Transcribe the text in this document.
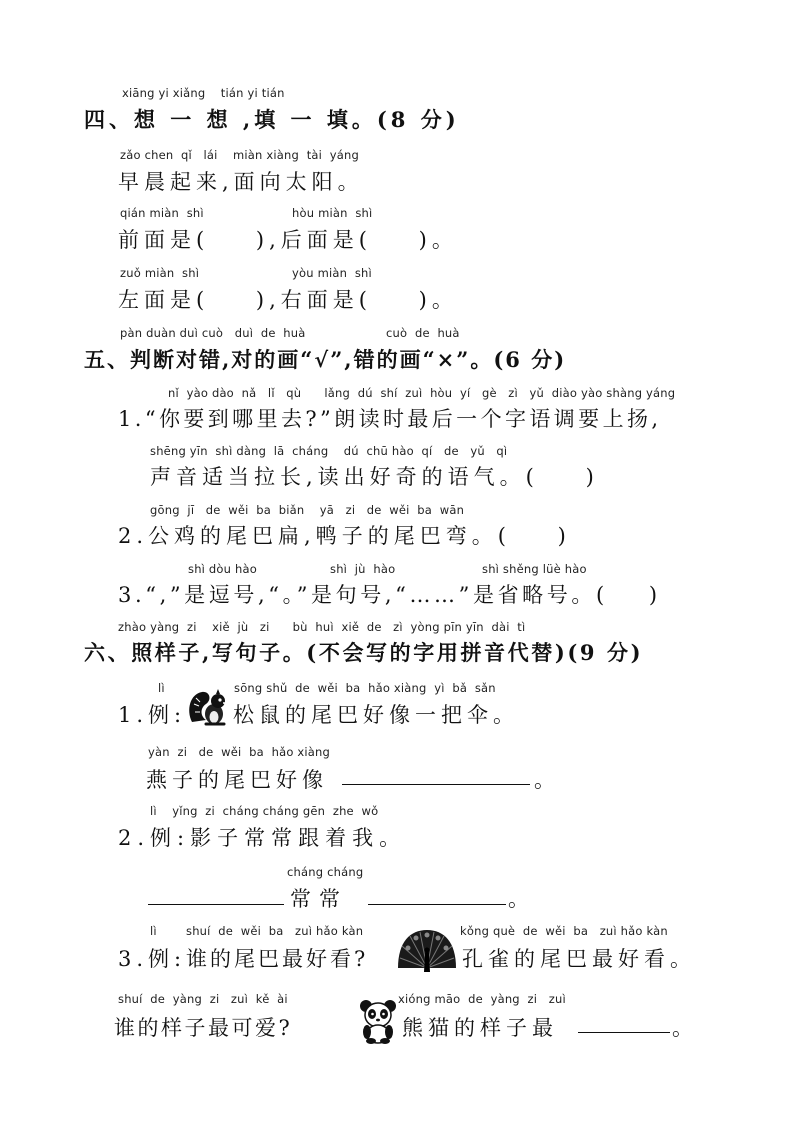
xiāng yi xiǎng    tián yi tián
四、想 一 想 ,填 一 填。(8 分)
zǎo chen  qǐ   lái    miàn xiàng  tài  yáng
早晨起来,面向太阳。
qián miàn  shì	hòu miàn  shì
前面是(    ),后面是(    )。
zuǒ miàn  shì	yòu miàn  shì
左面是(    ),右面是(    )。
pàn duàn duì cuò   duì  de  huà	cuò  de  huà
五、判断对错,对的画“√”,错的画“×”。(6 分)
nǐ  yào dào  nǎ   lǐ   qù      lǎng  dú  shí  zuì  hòu  yí   gè   zì   yǔ  diào yào shàng yáng
1.“你要到哪里去?”朗读时最后一个字语调要上扬,
shēng yīn  shì dàng  lā  cháng    dú  chū hào  qí   de   yǔ   qì
声音适当拉长,读出好奇的语气。(    )
gōng  jī   de  wěi  ba  biǎn    yā   zi   de  wěi  ba  wān
2.公鸡的尾巴扁,鸭子的尾巴弯。(    )
shì dòu hào	shì  jù  hào	shì shěng lüè hào
3.“,”是逗号,“。”是句号,“……”是省略号。(    )
zhào yàng  zi    xiě  jù   zi      bù  huì  xiě  de   zì  yòng pīn yīn  dài  tì
六、照样子,写句子。(不会写的字用拼音代替)(9 分)
lì	sōng shǔ  de  wěi  ba  hǎo xiàng  yì  bǎ  sǎn
1.例: 松鼠的尾巴好像一把伞。
yàn  zi   de  wěi  ba  hǎo xiàng
燕子的尾巴好像	。
lì    yǐng  zi  cháng cháng gēn  zhe  wǒ
2.例:影子常常跟着我。
cháng cháng
常常	。
lì	shuí  de  wěi  ba   zuì hǎo kàn	kǒng què  de  wěi  ba   zuì hǎo kàn
3.例: 谁的尾巴最好看?	孔雀的尾巴最好看。
shuí  de  yàng  zi   zuì  kě  ài	xióng māo  de  yàng  zi   zuì
谁的样子最可爱?	熊猫的样子最	。
